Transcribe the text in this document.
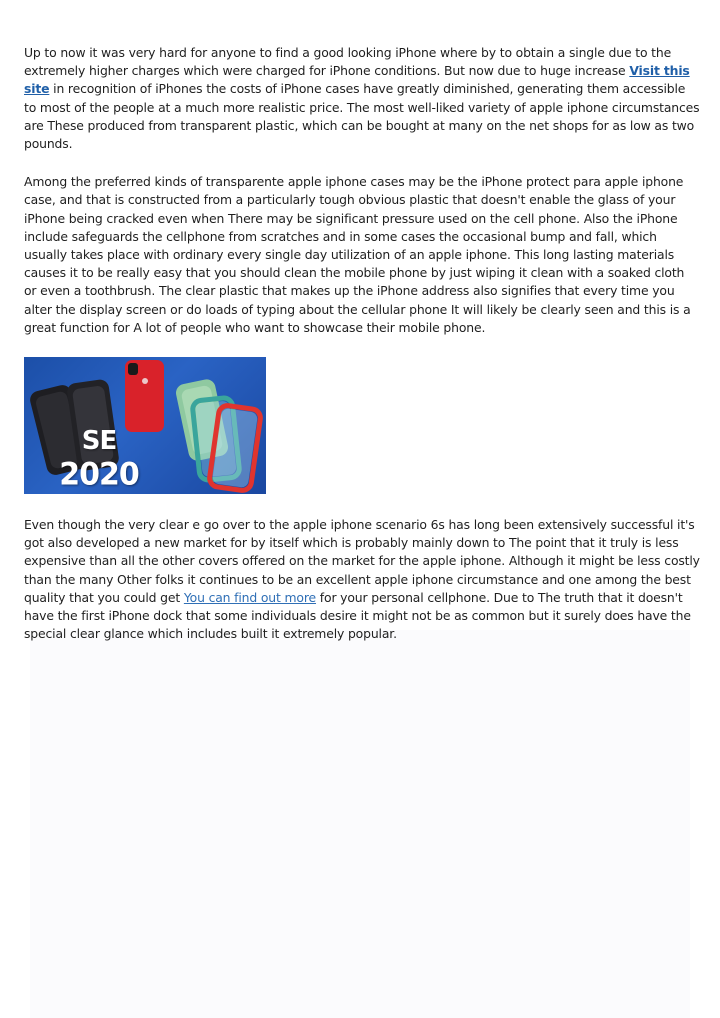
Up to now it was very hard for anyone to find a good looking iPhone where by to obtain a single due to the extremely higher charges which were charged for iPhone conditions. But now due to huge increase Visit this site in recognition of iPhones the costs of iPhone cases have greatly diminished, generating them accessible to most of the people at a much more realistic price. The most well-liked variety of apple iphone circumstances are These produced from transparent plastic, which can be bought at many on the net shops for as low as two pounds.

Among the preferred kinds of transparente apple iphone cases may be the iPhone protect para apple iphone case, and that is constructed from a particularly tough obvious plastic that doesn't enable the glass of your iPhone being cracked even when There may be significant pressure used on the cell phone. Also the iPhone include safeguards the cellphone from scratches and in some cases the occasional bump and fall, which usually takes place with ordinary every single day utilization of an apple iphone. This long lasting materials causes it to be really easy that you should clean the mobile phone by just wiping it clean with a soaked cloth or even a toothbrush. The clear plastic that makes up the iPhone address also signifies that every time you alter the display screen or do loads of typing about the cellular phone It will likely be clearly seen and this is a great function for A lot of people who want to showcase their mobile phone.

SE
2020

Even though the very clear e go over to the apple iphone scenario 6s has long been extensively successful it's got also developed a new market for by itself which is probably mainly down to The point that it truly is less expensive than all the other covers offered on the market for the apple iphone. Although it might be less costly than the many Other folks it continues to be an excellent apple iphone circumstance and one among the best quality that you could get You can find out more for your personal cellphone. Due to The truth that it doesn't have the first iPhone dock that some individuals desire it might not be as common but it surely does have the special clear glance which includes built it extremely popular.
